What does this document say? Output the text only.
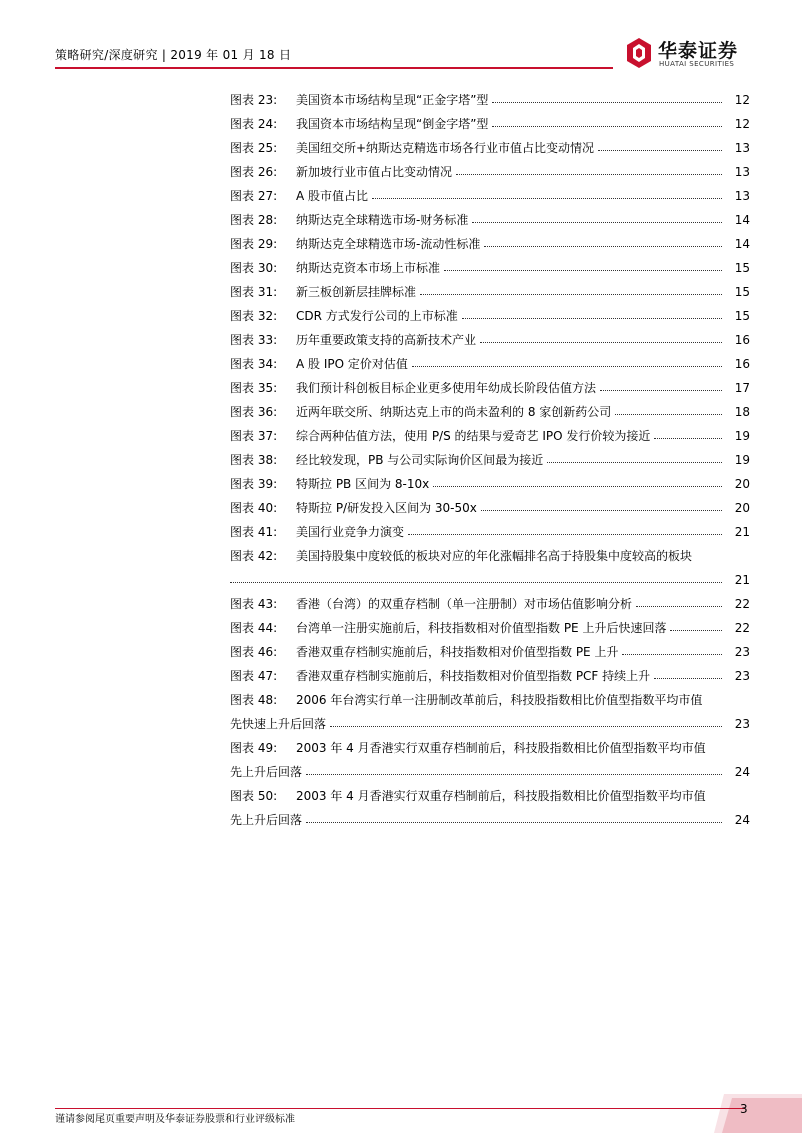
策略研究/深度研究 | 2019 年 01 月 18 日	华泰证券
HUATAI SECURITIES
图表 23: 美国资本市场结构呈现“正金字塔”型	12
图表 24: 我国资本市场结构呈现“倒金字塔”型	12
图表 25: 美国纽交所+纳斯达克精选市场各行业市值占比变动情况	13
图表 26: 新加坡行业市值占比变动情况	13
图表 27: A 股市值占比	13
图表 28: 纳斯达克全球精选市场-财务标准	14
图表 29: 纳斯达克全球精选市场-流动性标准	14
图表 30: 纳斯达克资本市场上市标准	15
图表 31: 新三板创新层挂牌标准	15
图表 32: CDR 方式发行公司的上市标准	15
图表 33: 历年重要政策支持的高新技术产业	16
图表 34: A 股 IPO 定价对估值	16
图表 35: 我们预计科创板目标企业更多使用年幼成长阶段估值方法	17
图表 36: 近两年联交所、纳斯达克上市的尚未盈利的 8 家创新药公司	18
图表 37: 综合两种估值方法，使用 P/S 的结果与爱奇艺 IPO 发行价较为接近	19
图表 38: 经比较发现，PB 与公司实际询价区间最为接近	19
图表 39: 特斯拉 PB 区间为 8-10x	20
图表 40: 特斯拉 P/研发投入区间为 30-50x	20
图表 41: 美国行业竞争力演变	21
图表 42: 美国持股集中度较低的板块对应的年化涨幅排名高于持股集中度较高的板块
21
图表 43: 香港（台湾）的双重存档制（单一注册制）对市场估值影响分析	22
图表 44: 台湾单一注册实施前后，科技指数相对价值型指数 PE 上升后快速回落	22
图表 46: 香港双重存档制实施前后，科技指数相对价值型指数 PE 上升	23
图表 47: 香港双重存档制实施前后，科技指数相对价值型指数 PCF 持续上升	23
图表 48: 2006 年台湾实行单一注册制改革前后，科技股指数相比价值型指数平均市值
先快速上升后回落	23
图表 49: 2003 年 4 月香港实行双重存档制前后，科技股指数相比价值型指数平均市值
先上升后回落	24
图表 50: 2003 年 4 月香港实行双重存档制前后，科技股指数相比价值型指数平均市值
先上升后回落	24
谨请参阅尾页重要声明及华泰证券股票和行业评级标准
3
